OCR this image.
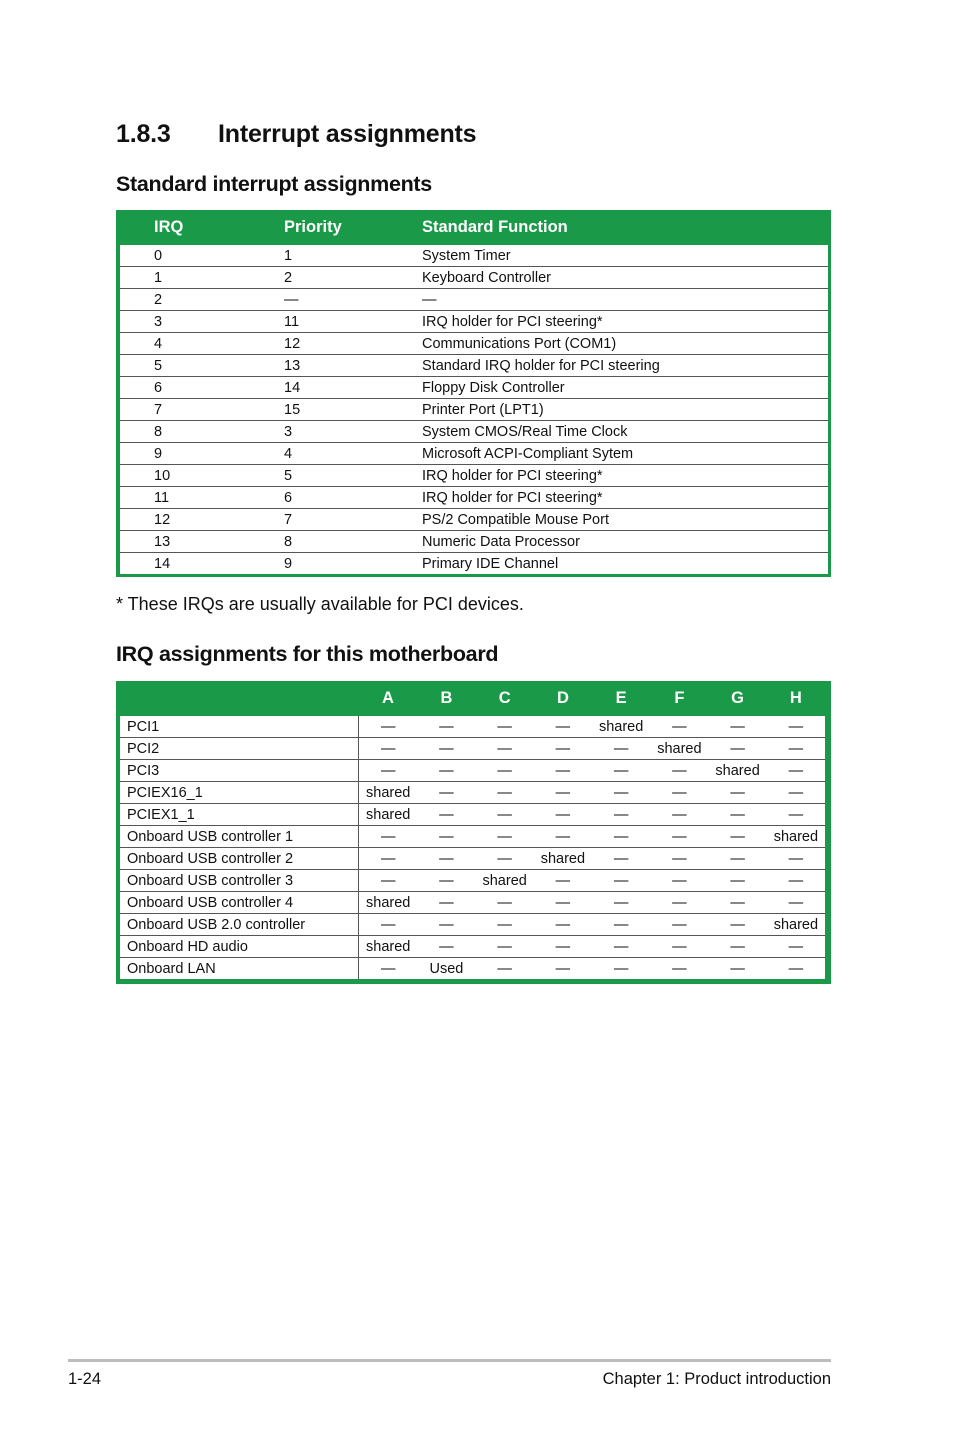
1.8.3 Interrupt assignments
Standard interrupt assignments
IRQ	Priority	Standard Function
0	1	System Timer
1	2	Keyboard Controller
2	—	—
3	11	IRQ holder for PCI steering*
4	12	Communications Port (COM1)
5	13	Standard IRQ holder for PCI steering
6	14	Floppy Disk Controller
7	15	Printer Port (LPT1)
8	3	System CMOS/Real Time Clock
9	4	Microsoft ACPI-Compliant Sytem
10	5	IRQ holder for PCI steering*
11	6	IRQ holder for PCI steering*
12	7	PS/2 Compatible Mouse Port
13	8	Numeric Data Processor
14	9	Primary IDE Channel

* These IRQs are usually available for PCI devices.

IRQ assignments for this motherboard
	A	B	C	D	E	F	G	H
PCI1	—	—	—	—	shared	—	—	—
PCI2	—	—	—	—	—	shared	—	—
PCI3	—	—	—	—	—	—	shared	—
PCIEX16_1	shared	—	—	—	—	—	—	—
PCIEX1_1	shared	—	—	—	—	—	—	—
Onboard USB controller 1	—	—	—	—	—	—	—	shared
Onboard USB controller 2	—	—	—	shared	—	—	—	—
Onboard USB controller 3	—	—	shared	—	—	—	—	—
Onboard USB controller 4	shared	—	—	—	—	—	—	—
Onboard USB 2.0 controller	—	—	—	—	—	—	—	shared
Onboard HD audio	shared	—	—	—	—	—	—	—
Onboard LAN	—	Used	—	—	—	—	—	—
1-24	Chapter 1: Product introduction
